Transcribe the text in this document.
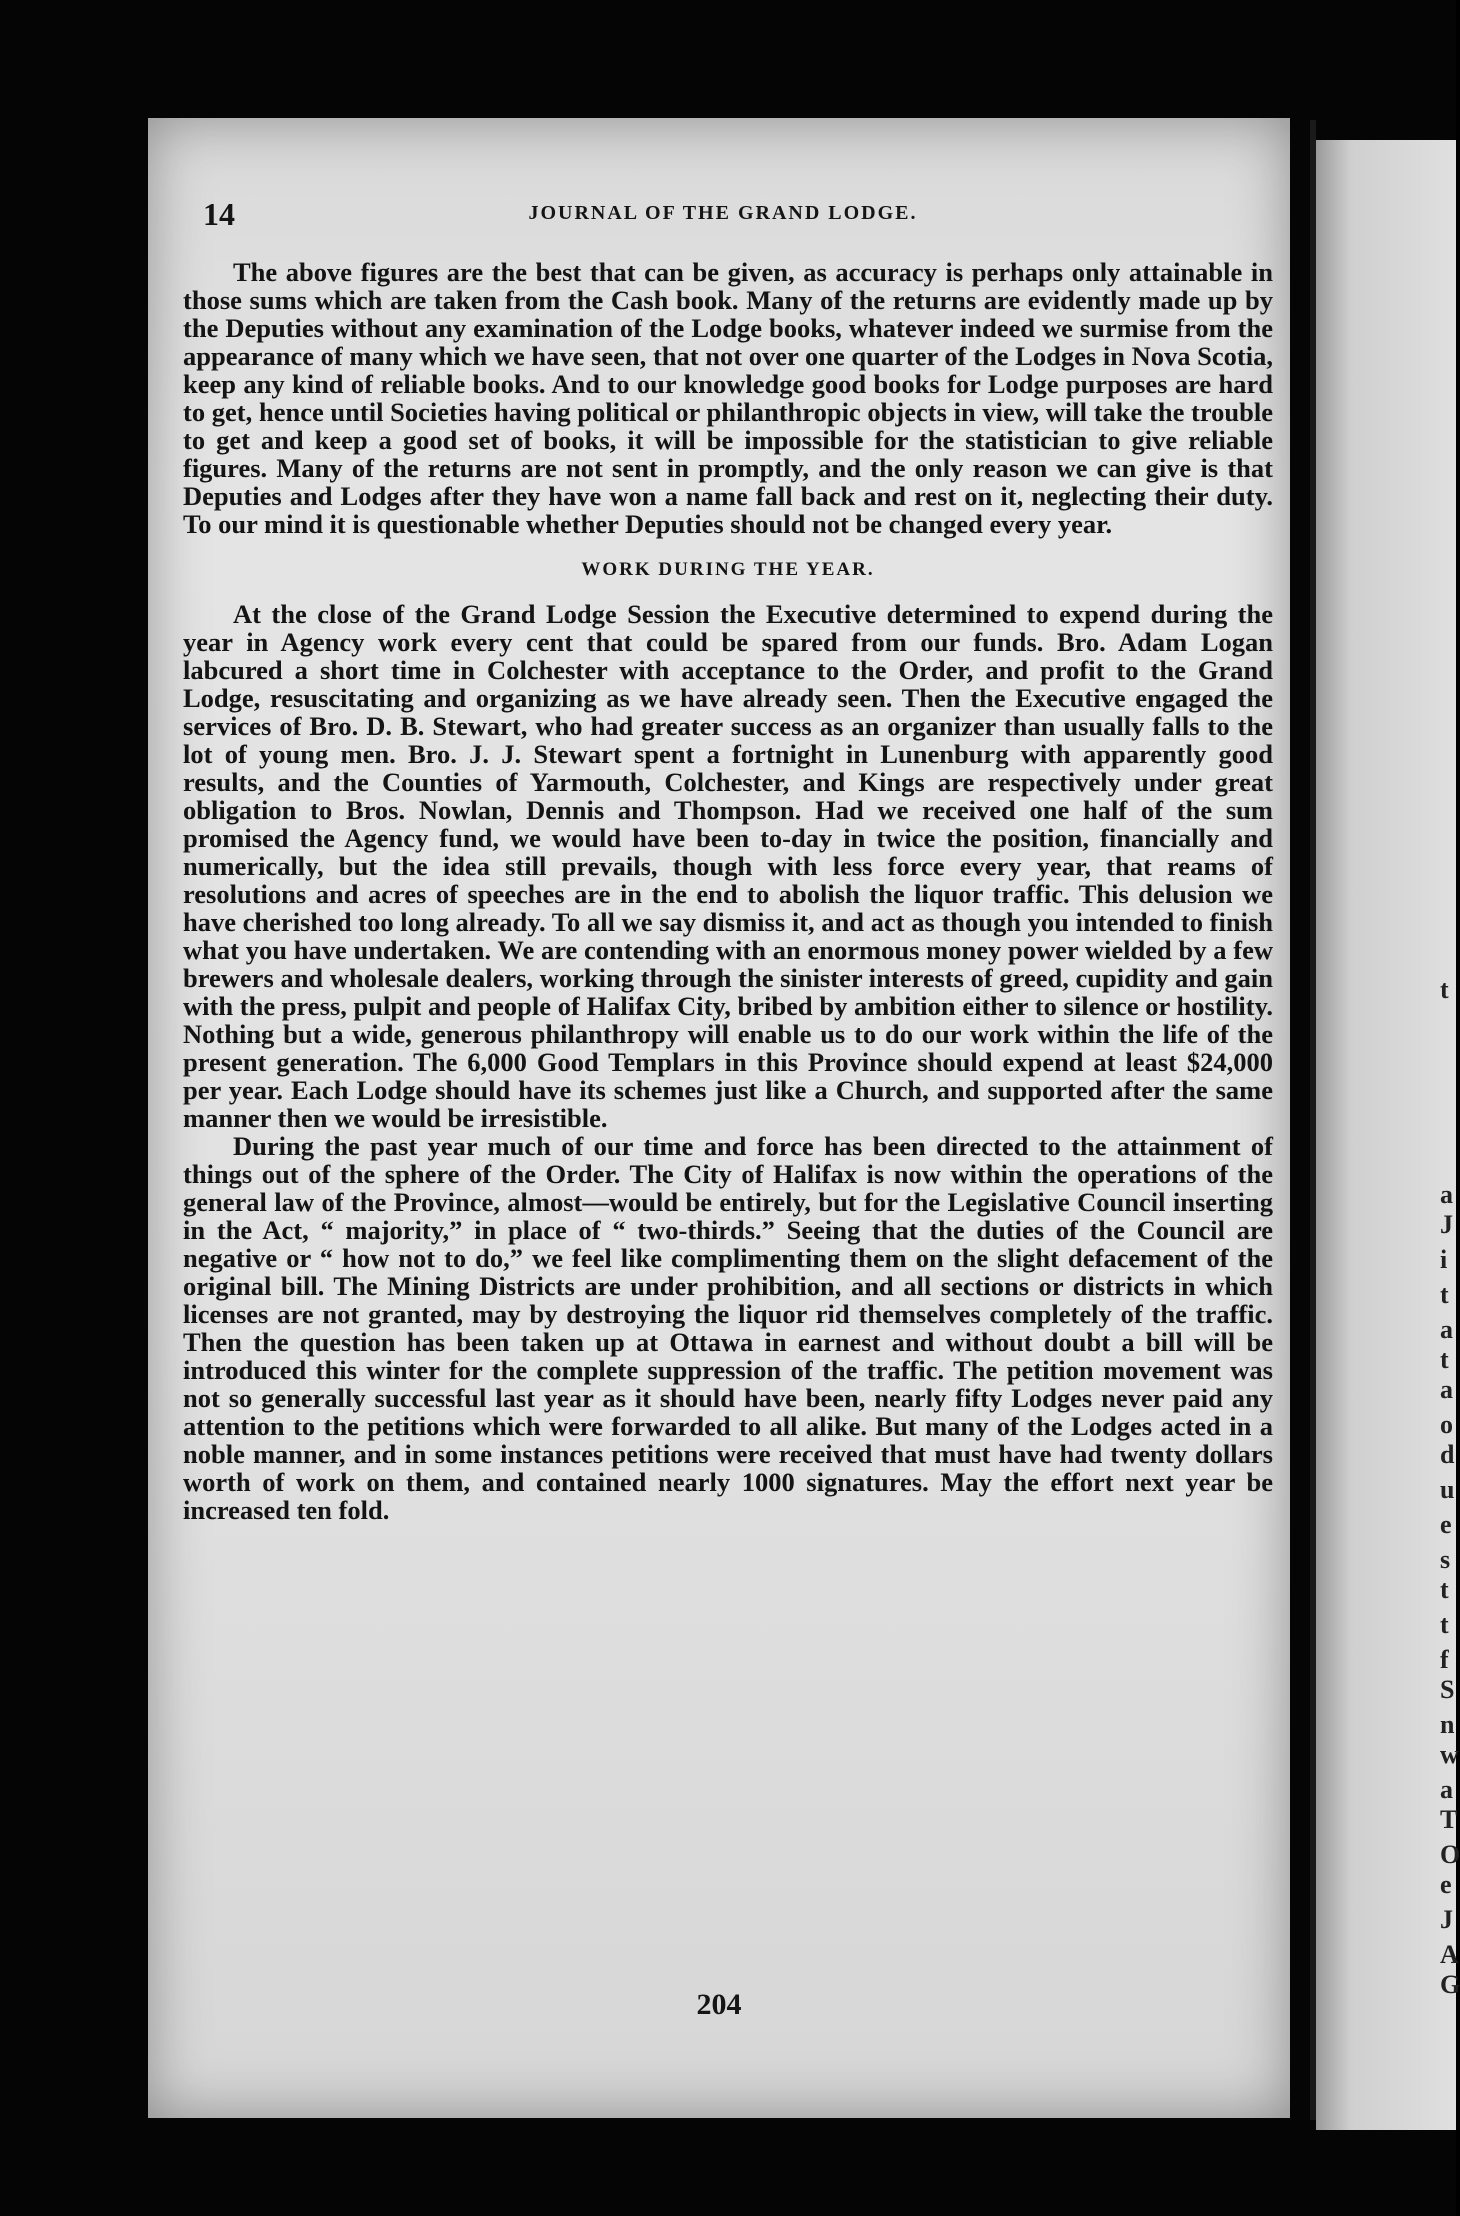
t
a
J
i
t
a
t
a
o
d
u
e
s
t
t
f
S
n
w
a
T
O
e
J
A
G
14	JOURNAL OF THE GRAND LODGE.

The above figures are the best that can be given, as accuracy is perhaps only attainable in those sums which are taken from the Cash book. Many of the returns are evidently made up by the Deputies without any examination of the Lodge books, whatever indeed we surmise from the appearance of many which we have seen, that not over one quarter of the Lodges in Nova Scotia, keep any kind of reliable books. And to our knowledge good books for Lodge purposes are hard to get, hence until Societies having political or philanthropic objects in view, will take the trouble to get and keep a good set of books, it will be impossible for the statistician to give reliable figures. Many of the returns are not sent in promptly, and the only reason we can give is that Deputies and Lodges after they have won a name fall back and rest on it, neglecting their duty. To our mind it is questionable whether Deputies should not be changed every year.

WORK DURING THE YEAR.

At the close of the Grand Lodge Session the Executive determined to expend during the year in Agency work every cent that could be spared from our funds. Bro. Adam Logan labcured a short time in Colchester with acceptance to the Order, and profit to the Grand Lodge, resuscitating and organizing as we have already seen. Then the Executive engaged the services of Bro. D. B. Stewart, who had greater success as an organizer than usually falls to the lot of young men. Bro. J. J. Stewart spent a fortnight in Lunenburg with apparently good results, and the Counties of Yarmouth, Colchester, and Kings are respectively under great obligation to Bros. Nowlan, Dennis and Thompson. Had we received one half of the sum promised the Agency fund, we would have been to-day in twice the position, financially and numerically, but the idea still prevails, though with less force every year, that reams of resolutions and acres of speeches are in the end to abolish the liquor traffic. This delusion we have cherished too long already. To all we say dismiss it, and act as though you intended to finish what you have undertaken. We are contending with an enormous money power wielded by a few brewers and wholesale dealers, working through the sinister interests of greed, cupidity and gain with the press, pulpit and people of Halifax City, bribed by ambition either to silence or hostility. Nothing but a wide, generous philanthropy will enable us to do our work within the life of the present generation. The 6,000 Good Templars in this Province should expend at least $24,000 per year. Each Lodge should have its schemes just like a Church, and supported after the same manner then we would be irresistible.

During the past year much of our time and force has been directed to the attainment of things out of the sphere of the Order. The City of Halifax is now within the operations of the general law of the Province, almost—would be entirely, but for the Legislative Council inserting in the Act, “ majority,” in place of “ two-thirds.” Seeing that the duties of the Council are negative or “ how not to do,” we feel like complimenting them on the slight defacement of the original bill. The Mining Districts are under prohibition, and all sections or districts in which licenses are not granted, may by destroying the liquor rid themselves completely of the traffic. Then the question has been taken up at Ottawa in earnest and without doubt a bill will be introduced this winter for the complete suppression of the traffic. The petition movement was not so generally successful last year as it should have been, nearly fifty Lodges never paid any attention to the petitions which were forwarded to all alike. But many of the Lodges acted in a noble manner, and in some instances petitions were received that must have had twenty dollars worth of work on them, and contained nearly 1000 signatures. May the effort next year be increased ten fold.

204
